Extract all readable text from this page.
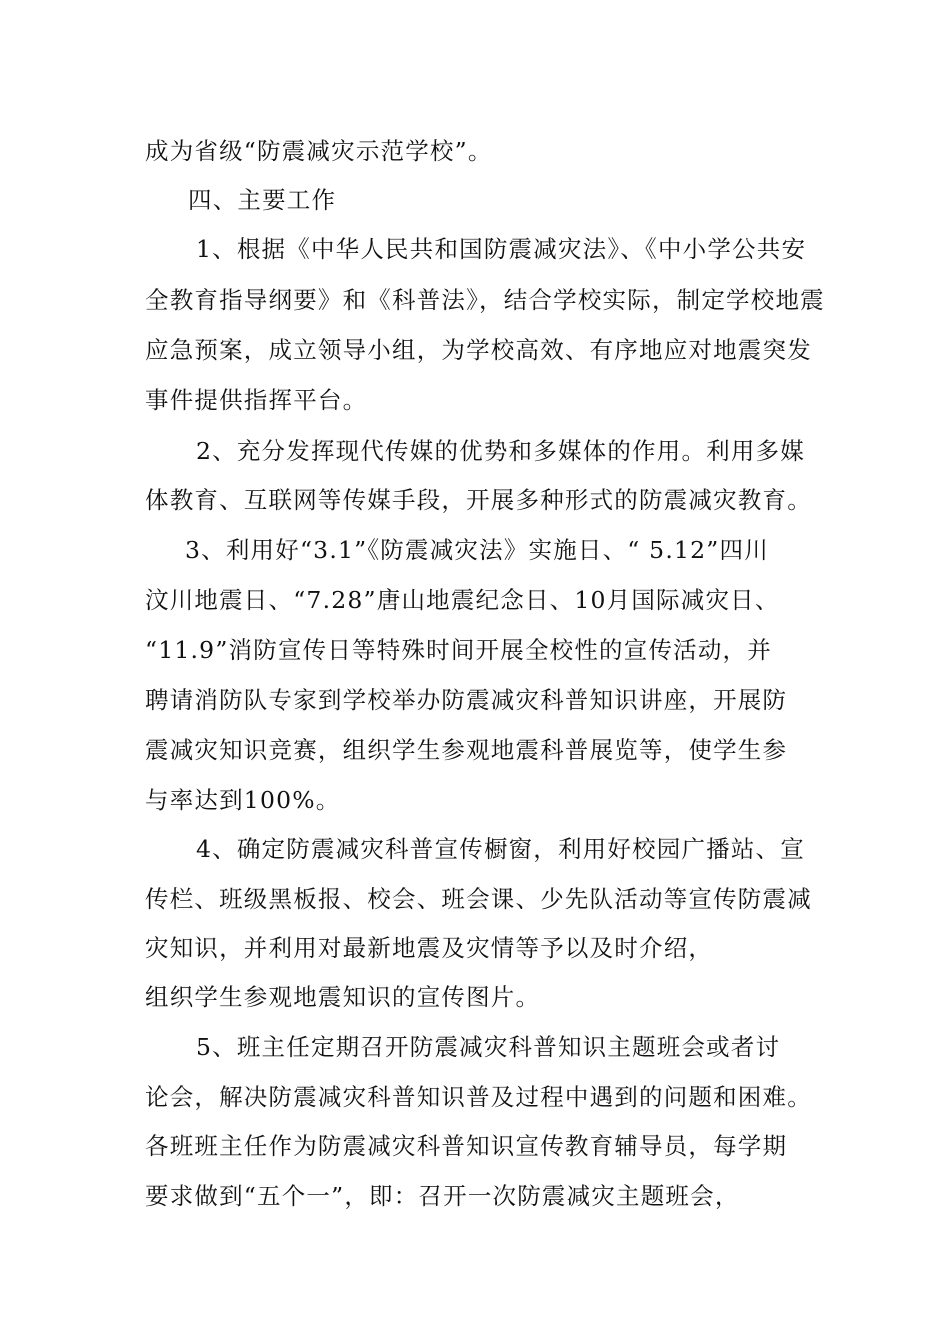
成为省级“防震减灾示范学校”。
四、主要工作
1、根据《中华人民共和国防震减灾法》、《中小学公共安
全教育指导纲要》和《科普法》，结合学校实际，制定学校地震
应急预案，成立领导小组，为学校高效、有序地应对地震突发
事件提供指挥平台。
2、充分发挥现代传媒的优势和多媒体的作用。利用多媒
体教育、互联网等传媒手段，开展多种形式的防震减灾教育。
3、利用好“3.1”《防震减灾法》实施日、“ 5.12”四川
汶川地震日、“7.28”唐山地震纪念日、10月国际减灾日、
“11.9”消防宣传日等特殊时间开展全校性的宣传活动，并
聘请消防队专家到学校举办防震减灾科普知识讲座，开展防
震减灾知识竞赛，组织学生参观地震科普展览等，使学生参
与率达到100%。
4、确定防震减灾科普宣传橱窗，利用好校园广播站、宣
传栏、班级黑板报、校会、班会课、少先队活动等宣传防震减
灾知识，并利用对最新地震及灾情等予以及时介绍，
组织学生参观地震知识的宣传图片。
5、班主任定期召开防震减灾科普知识主题班会或者讨
论会，解决防震减灾科普知识普及过程中遇到的问题和困难。
各班班主任作为防震减灾科普知识宣传教育辅导员，每学期
要求做到“五个一”，即：召开一次防震减灾主题班会，
